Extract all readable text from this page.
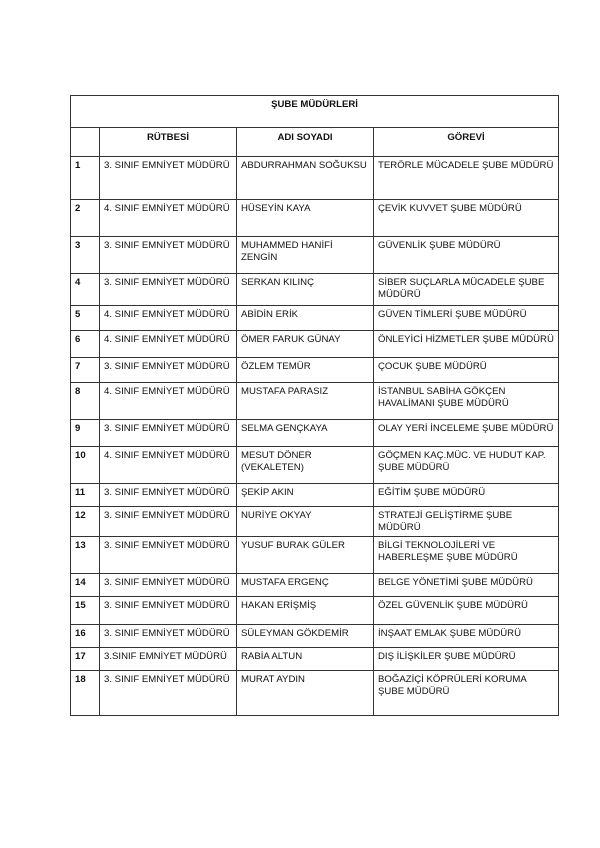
ŞUBE MÜDÜRLERİ			
	RÜTBESİ	ADI SOYADI	GÖREVİ
1	3. SINIF EMNİYET MÜDÜRÜ	ABDURRAHMAN SOĞUKSU	TERÖRLE MÜCADELE ŞUBE MÜDÜRÜ
2	4. SINIF EMNİYET MÜDÜRÜ	HÜSEYİN KAYA	ÇEVİK KUVVET ŞUBE MÜDÜRÜ
3	3. SINIF EMNİYET MÜDÜRÜ	MUHAMMED HANİFİ ZENGİN	GÜVENLİK ŞUBE MÜDÜRÜ
4	3. SINIF EMNİYET MÜDÜRÜ	SERKAN KILINÇ	SİBER SUÇLARLA MÜCADELE ŞUBE MÜDÜRÜ
5	4. SINIF EMNİYET MÜDÜRÜ	ABİDİN ERİK	GÜVEN TİMLERİ ŞUBE MÜDÜRÜ
6	4. SINIF EMNİYET MÜDÜRÜ	ÖMER FARUK GÜNAY	ÖNLEYİCİ HİZMETLER ŞUBE MÜDÜRÜ
7	3. SINIF EMNİYET MÜDÜRÜ	ÖZLEM TEMÜR	ÇOCUK ŞUBE MÜDÜRÜ
8	4. SINIF EMNİYET MÜDÜRÜ	MUSTAFA PARASIZ	İSTANBUL SABİHA GÖKÇEN HAVALİMANI ŞUBE MÜDÜRÜ
9	3. SINIF EMNİYET MÜDÜRÜ	SELMA GENÇKAYA	OLAY YERİ İNCELEME ŞUBE MÜDÜRÜ
10	4. SINIF EMNİYET MÜDÜRÜ	MESUT DÖNER (VEKALETEN)	GÖÇMEN KAÇ.MÜC. VE HUDUT KAP. ŞUBE MÜDÜRÜ
11	3. SINIF EMNİYET MÜDÜRÜ	ŞEKİP AKIN	EĞİTİM ŞUBE MÜDÜRÜ
12	3. SINIF EMNİYET MÜDÜRÜ	NURİYE OKYAY	STRATEJİ GELİŞTİRME ŞUBE MÜDÜRÜ
13	3. SINIF EMNİYET MÜDÜRÜ	YUSUF BURAK GÜLER	BİLGİ TEKNOLOJİLERİ VE HABERLEŞME ŞUBE MÜDÜRÜ
14	3. SINIF EMNİYET MÜDÜRÜ	MUSTAFA ERGENÇ	BELGE YÖNETİMİ ŞUBE MÜDÜRÜ
15	3. SINIF EMNİYET MÜDÜRÜ	HAKAN ERİŞMİŞ	ÖZEL GÜVENLİK ŞUBE MÜDÜRÜ
16	3. SINIF EMNİYET MÜDÜRÜ	SÜLEYMAN GÖKDEMİR	İNŞAAT EMLAK ŞUBE MÜDÜRÜ
17	3.SINIF EMNİYET MÜDÜRÜ	RABİA ALTUN	DIŞ İLİŞKİLER ŞUBE MÜDÜRÜ
18	3. SINIF EMNİYET MÜDÜRÜ	MURAT AYDIN	BOĞAZİÇİ KÖPRÜLERİ KORUMA ŞUBE MÜDÜRÜ
